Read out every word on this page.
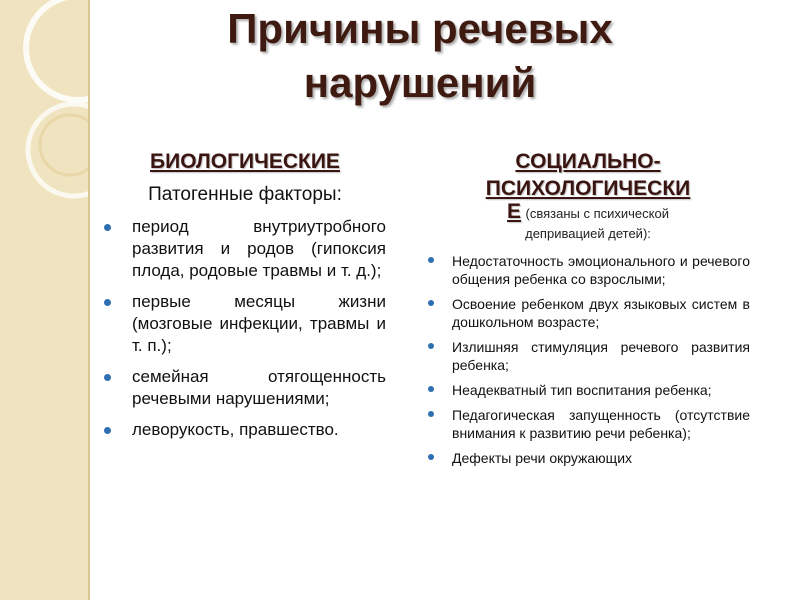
Причины речевых
нарушений
БИОЛОГИЧЕСКИЕ
Патогенные факторы:
период внутриутробного развития и родов (гипоксия плода, родовые травмы и т. д.);
первые месяцы жизни (мозговые инфекции, травмы и т. п.);
семейная отягощенность речевыми нарушениями;
леворукость, правшество.
СОЦИАЛЬНО-
ПСИХОЛОГИЧЕСКИ
Е (связаны с психической
депривацией детей):
Недостаточность эмоционального и речевого общения ребенка со взрослыми;
Освоение ребенком двух языковых систем в дошкольном возрасте;
Излишняя стимуляция речевого развития ребенка;
Неадекватный тип воспитания ребенка;
Педагогическая запущенность (отсутствие внимания к развитию речи ребенка);
Дефекты речи окружающих
